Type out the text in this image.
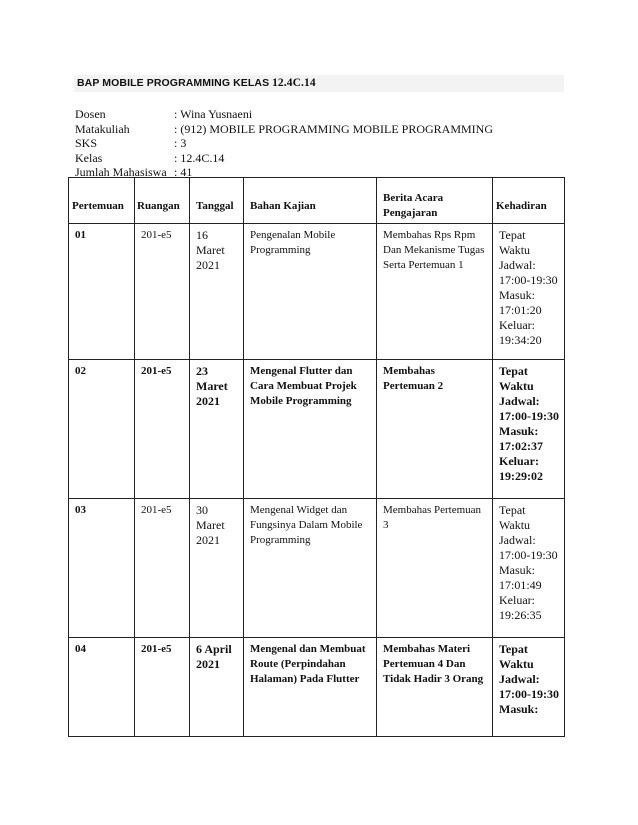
BAP MOBILE PROGRAMMING KELAS 12.4C.14
Dosen	: Wina Yusnaeni
Matakuliah	: (912) MOBILE PROGRAMMING MOBILE PROGRAMMING
SKS	: 3
Kelas	: 12.4C.14
Jumlah Mahasiswa : 41
Pertemuan	Ruangan	Tanggal	Bahan Kajian	Berita Acara Pengajaran	Kehadiran
01	201-e5	16 Maret 2021	Pengenalan Mobile Programming	Membahas Rps Rpm Dan Mekanisme Tugas Serta Pertemuan 1	Tepat Waktu Jadwal: 17:00-19:30 Masuk: 17:01:20 Keluar: 19:34:20
02	201-e5	23 Maret 2021	Mengenal Flutter dan Cara Membuat Projek Mobile Programming	Membahas Pertemuan 2	Tepat Waktu Jadwal: 17:00-19:30 Masuk: 17:02:37 Keluar: 19:29:02
03	201-e5	30 Maret 2021	Mengenal Widget dan Fungsinya Dalam Mobile Programming	Membahas Pertemuan 3	Tepat Waktu Jadwal: 17:00-19:30 Masuk: 17:01:49 Keluar: 19:26:35
04	201-e5	6 April 2021	Mengenal dan Membuat Route (Perpindahan Halaman) Pada Flutter	Membahas Materi Pertemuan 4 Dan Tidak Hadir 3 Orang	Tepat Waktu Jadwal: 17:00-19:30 Masuk:
